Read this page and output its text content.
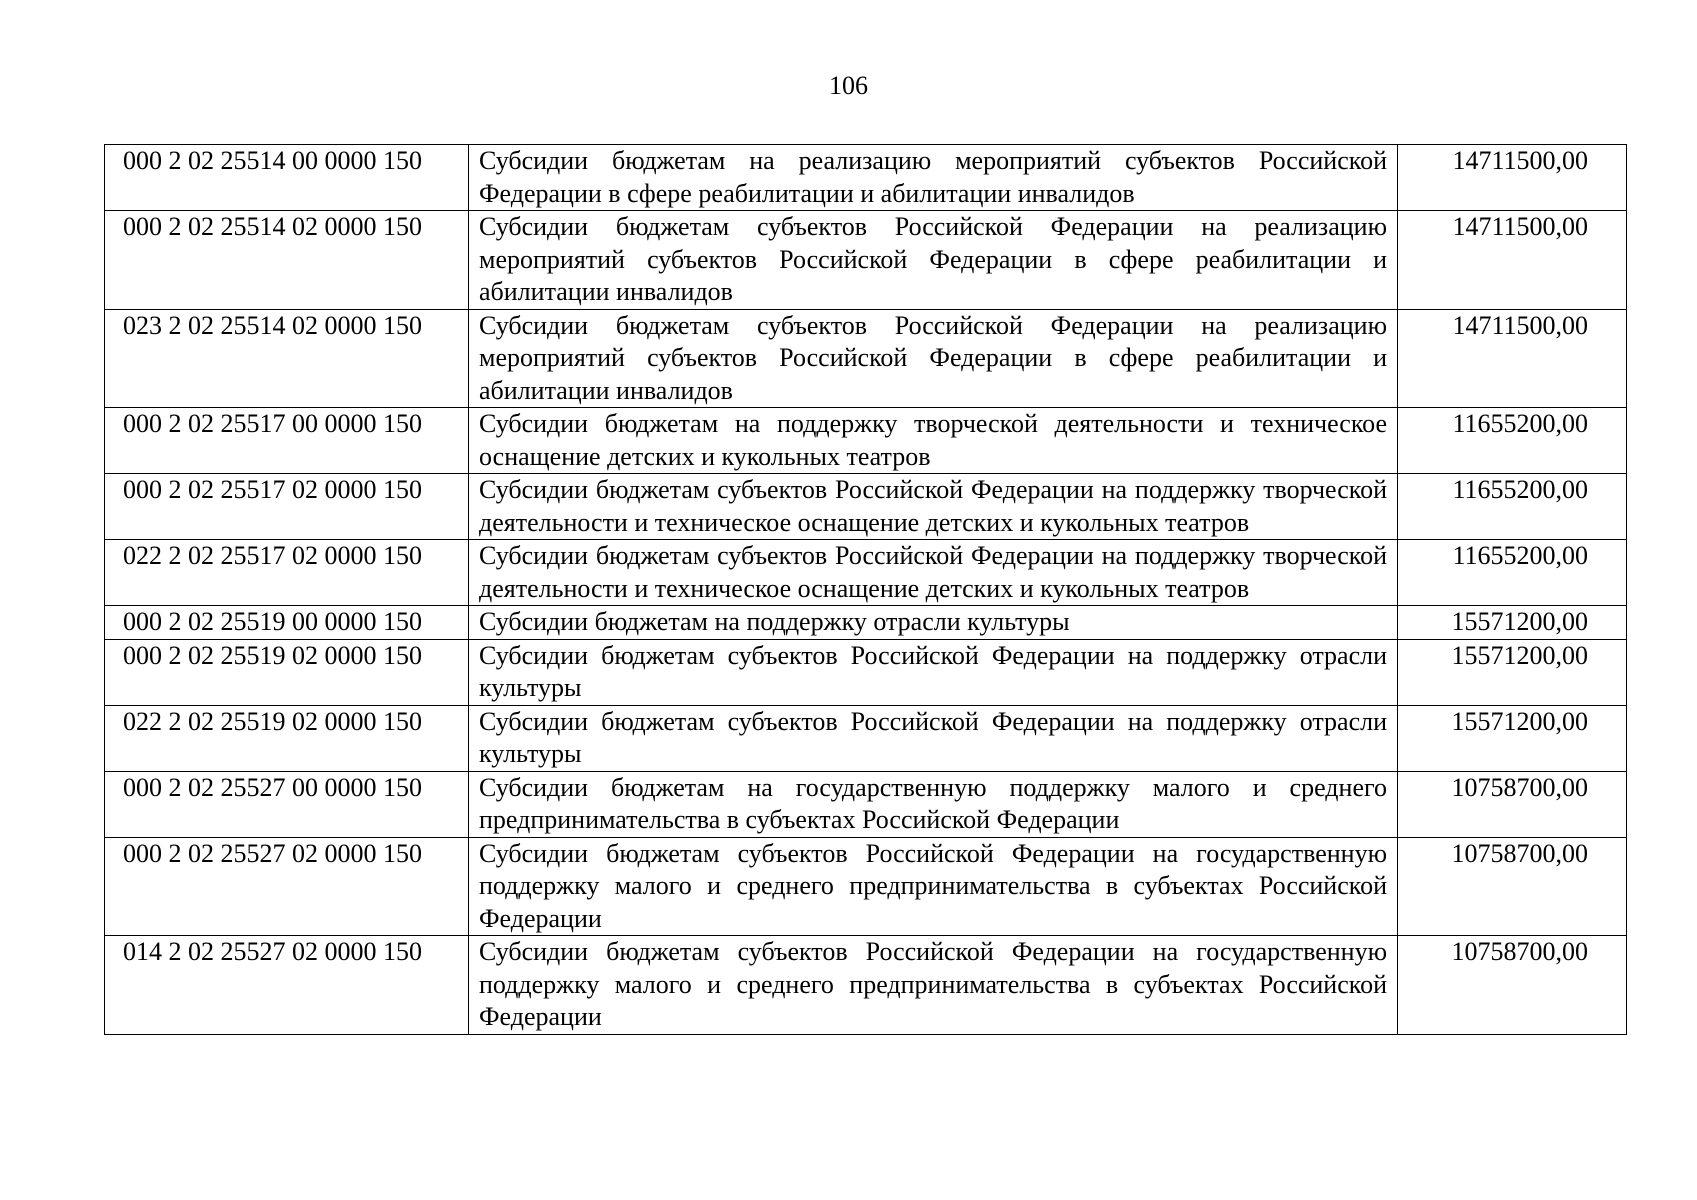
106
000 2 02 25514 00 0000 150	Субсидии бюджетам на реализацию мероприятий субъектов Российской Федерации в сфере реабилитации и абилитации инвалидов	14711500,00
000 2 02 25514 02 0000 150	Субсидии бюджетам субъектов Российской Федерации на реализацию мероприятий субъектов Российской Федерации в сфере реабилитации и абилитации инвалидов	14711500,00
023 2 02 25514 02 0000 150	Субсидии бюджетам субъектов Российской Федерации на реализацию мероприятий субъектов Российской Федерации в сфере реабилитации и абилитации инвалидов	14711500,00
000 2 02 25517 00 0000 150	Субсидии бюджетам на поддержку творческой деятельности и техническое оснащение детских и кукольных театров	11655200,00
000 2 02 25517 02 0000 150	Субсидии бюджетам субъектов Российской Федерации на поддержку творческой деятельности и техническое оснащение детских и кукольных театров	11655200,00
022 2 02 25517 02 0000 150	Субсидии бюджетам субъектов Российской Федерации на поддержку творческой деятельности и техническое оснащение детских и кукольных театров	11655200,00
000 2 02 25519 00 0000 150	Субсидии бюджетам на поддержку отрасли культуры	15571200,00
000 2 02 25519 02 0000 150	Субсидии бюджетам субъектов Российской Федерации на поддержку отрасли культуры	15571200,00
022 2 02 25519 02 0000 150	Субсидии бюджетам субъектов Российской Федерации на поддержку отрасли культуры	15571200,00
000 2 02 25527 00 0000 150	Субсидии бюджетам на государственную поддержку малого и среднего предпринимательства в субъектах Российской Федерации	10758700,00
000 2 02 25527 02 0000 150	Субсидии бюджетам субъектов Российской Федерации на государственную поддержку малого и среднего предпринимательства в субъектах Российской Федерации	10758700,00
014 2 02 25527 02 0000 150	Субсидии бюджетам субъектов Российской Федерации на государственную поддержку малого и среднего предпринимательства в субъектах Российской Федерации	10758700,00
